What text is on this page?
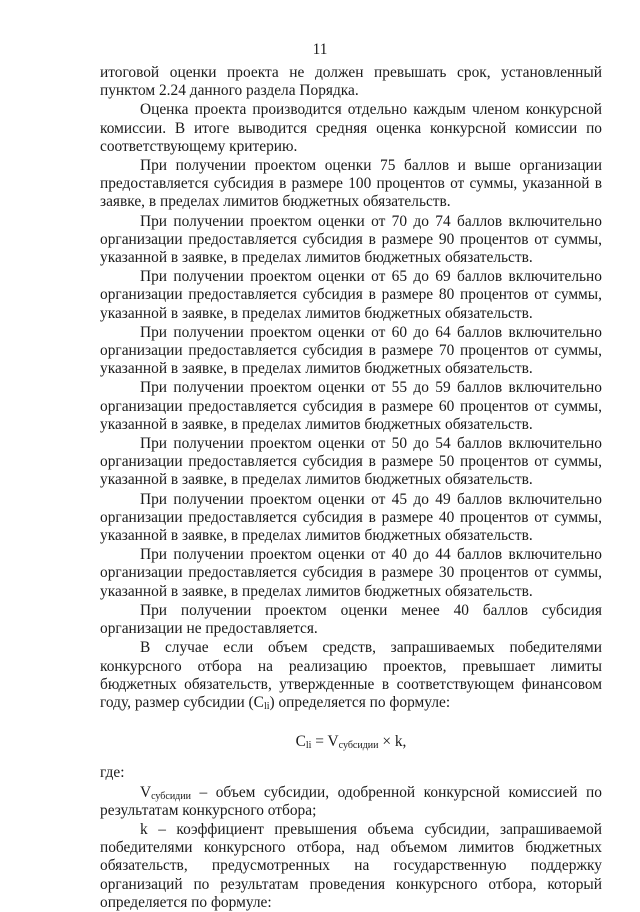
11

итоговой оценки проекта не должен превышать срок, установленный пунктом 2.24 данного раздела Порядка.

Оценка проекта производится отдельно каждым членом конкурсной комиссии. В итоге выводится средняя оценка конкурсной комиссии по соответствующему критерию.

При получении проектом оценки 75 баллов и выше организации предоставляется субсидия в размере 100 процентов от суммы, указанной в заявке, в пределах лимитов бюджетных обязательств.

При получении проектом оценки от 70 до 74 баллов включительно организации предоставляется субсидия в размере 90 процентов от суммы, указанной в заявке, в пределах лимитов бюджетных обязательств.

При получении проектом оценки от 65 до 69 баллов включительно организации предоставляется субсидия в размере 80 процентов от суммы, указанной в заявке, в пределах лимитов бюджетных обязательств.

При получении проектом оценки от 60 до 64 баллов включительно организации предоставляется субсидия в размере 70 процентов от суммы, указанной в заявке, в пределах лимитов бюджетных обязательств.

При получении проектом оценки от 55 до 59 баллов включительно организации предоставляется субсидия в размере 60 процентов от суммы, указанной в заявке, в пределах лимитов бюджетных обязательств.

При получении проектом оценки от 50 до 54 баллов включительно организации предоставляется субсидия в размере 50 процентов от суммы, указанной в заявке, в пределах лимитов бюджетных обязательств.

При получении проектом оценки от 45 до 49 баллов включительно организации предоставляется субсидия в размере 40 процентов от суммы, указанной в заявке, в пределах лимитов бюджетных обязательств.

При получении проектом оценки от 40 до 44 баллов включительно организации предоставляется субсидия в размере 30 процентов от суммы, указанной в заявке, в пределах лимитов бюджетных обязательств.

При получении проектом оценки менее 40 баллов субсидия организации не предоставляется.

В случае если объем средств, запрашиваемых победителями конкурсного отбора на реализацию проектов, превышает лимиты бюджетных обязательств, утвержденные в соответствующем финансовом году, размер субсидии $(C_{li})$ определяется по формуле:

$C_{li} = V_{субсидии} \times k$,

где:

$V_{субсидии}$ – объем субсидии, одобренной конкурсной комиссией по результатам конкурсного отбора;

k – коэффициент превышения объема субсидии, запрашиваемой победителями конкурсного отбора, над объемом лимитов бюджетных обязательств, предусмотренных на государственную поддержку организаций по результатам проведения конкурсного отбора, который определяется по формуле:
